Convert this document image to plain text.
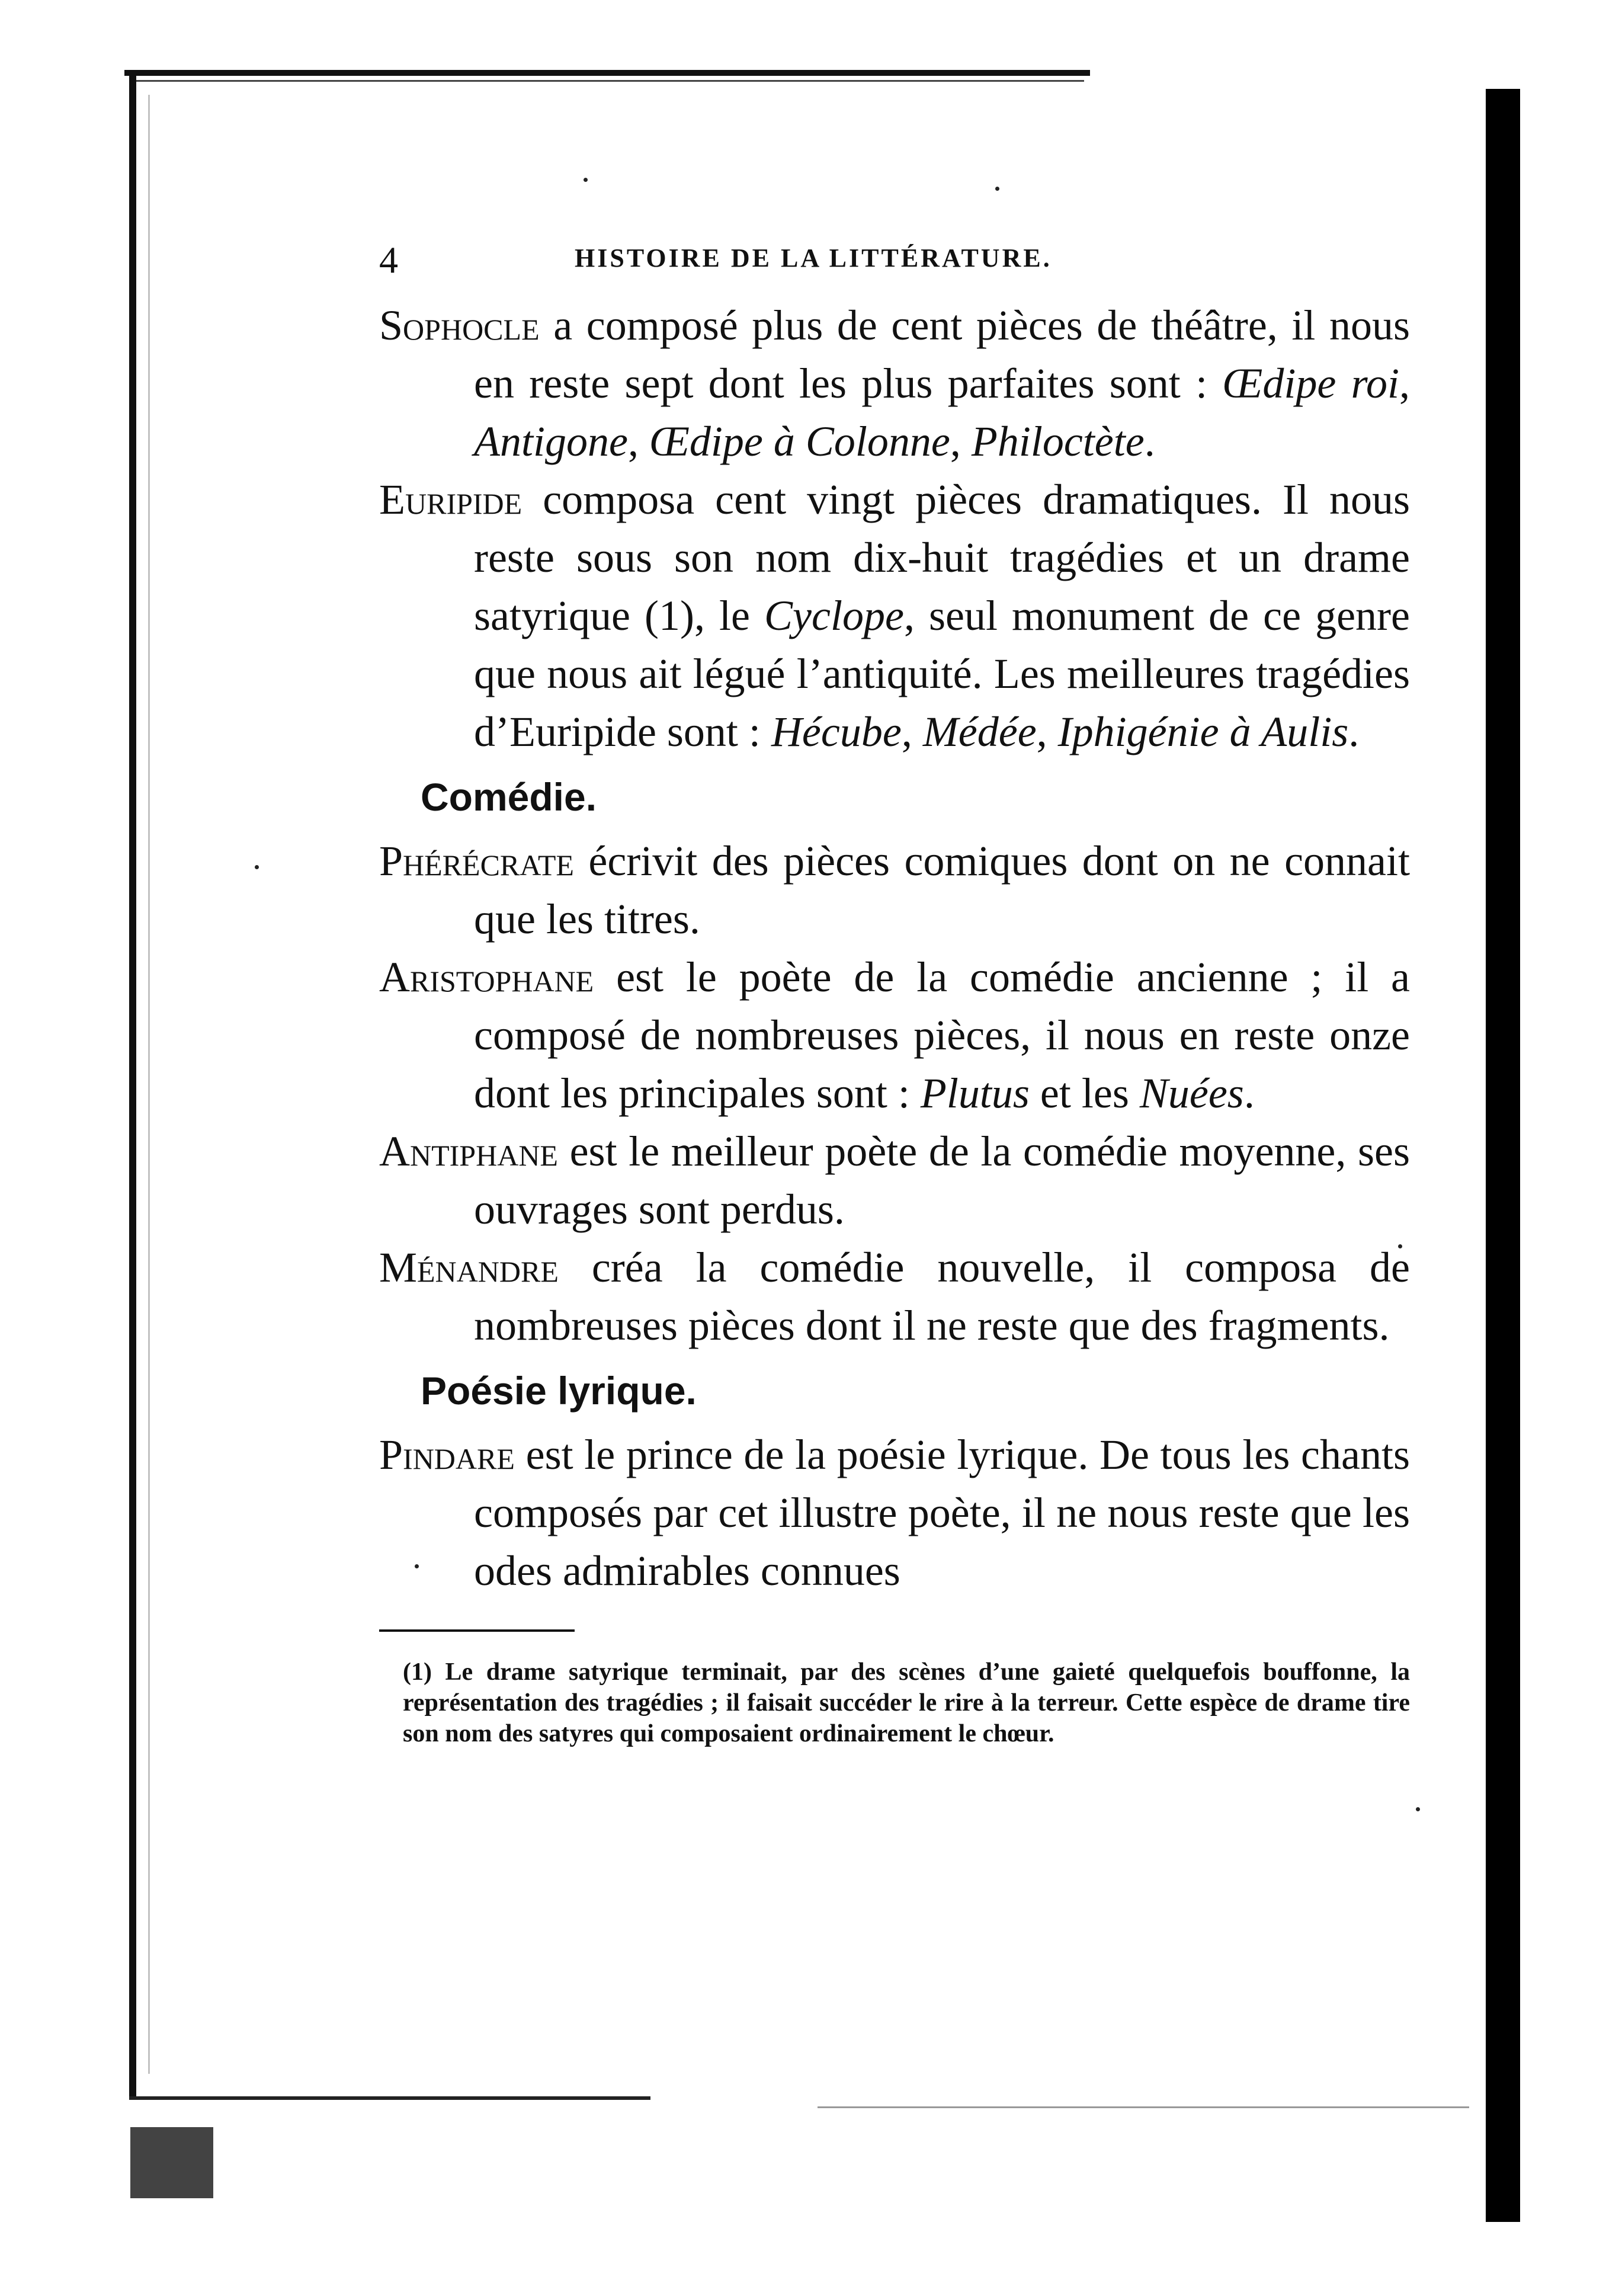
4	HISTOIRE DE LA LITTÉRATURE.

Sophocle a composé plus de cent pièces de théâtre, il nous en reste sept dont les plus parfaites sont : Œdipe roi, Antigone, Œdipe à Colonne, Philoctète.

Euripide composa cent vingt pièces dramatiques. Il nous reste sous son nom dix-huit tragédies et un drame satyrique (1), le Cyclope, seul monument de ce genre que nous ait légué l’antiquité. Les meilleures tragédies d’Euripide sont : Hécube, Médée, Iphigénie à Aulis.

Comédie.

Phérécrate écrivit des pièces comiques dont on ne connait que les titres.

Aristophane est le poète de la comédie ancienne ; il a composé de nombreuses pièces, il nous en reste onze dont les principales sont : Plutus et les Nuées.

Antiphane est le meilleur poète de la comédie moyenne, ses ouvrages sont perdus.

Ménandre créa la comédie nouvelle, il composa de nombreuses pièces dont il ne reste que des fragments.

Poésie lyrique.

Pindare est le prince de la poésie lyrique. De tous les chants composés par cet illustre poète, il ne nous reste que les odes admirables connues

(1) Le drame satyrique terminait, par des scènes d’une gaieté quelquefois bouffonne, la représentation des tragédies ; il faisait succéder le rire à la terreur. Cette espèce de drame tire son nom des satyres qui composaient ordinairement le chœur.
